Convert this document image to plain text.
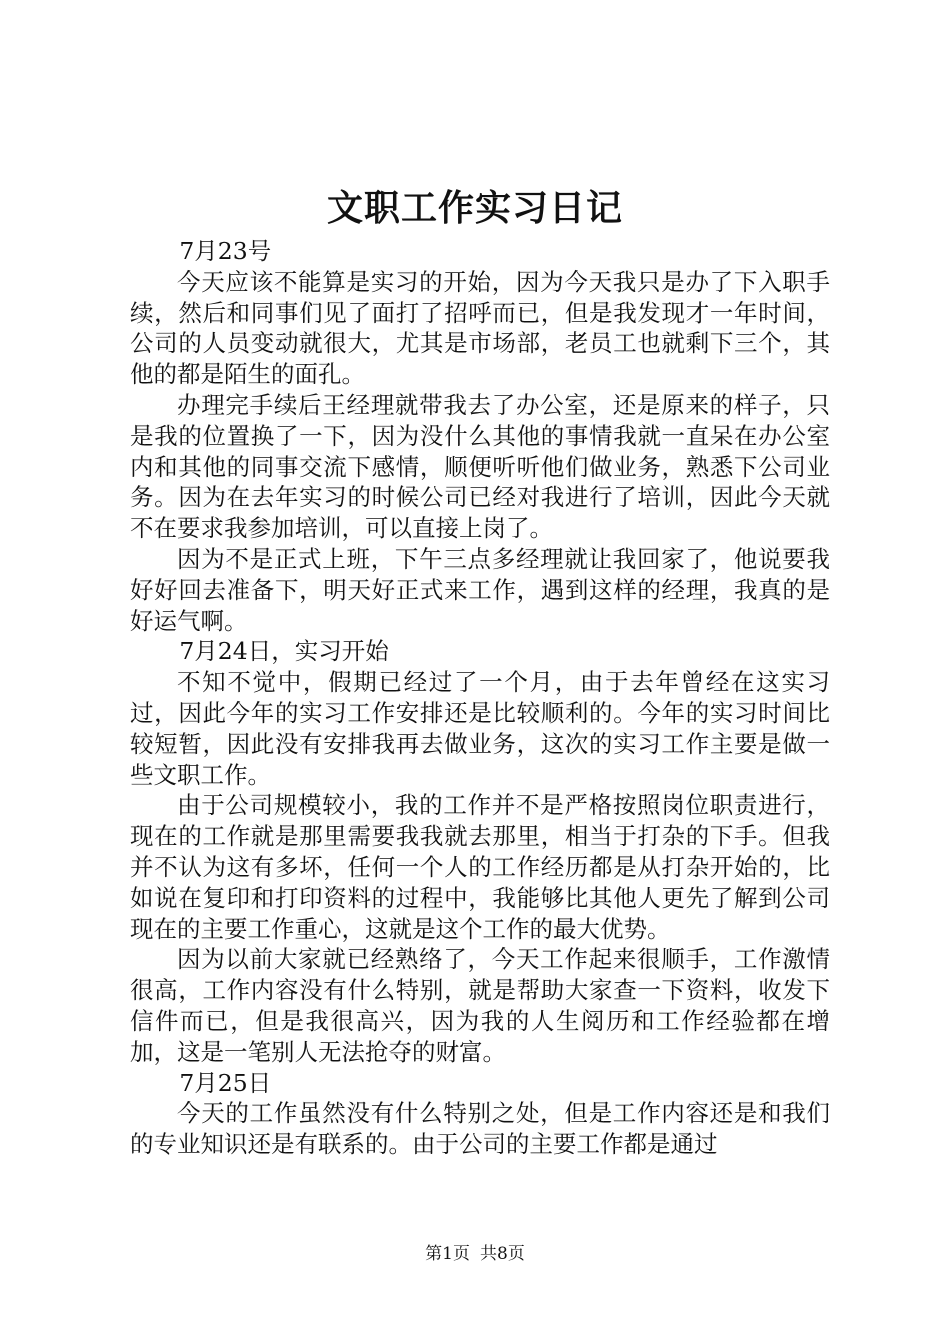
文职工作实习日记

7月23号

今天应该不能算是实习的开始，因为今天我只是办了下入职手续，然后和同事们见了面打了招呼而已，但是我发现才一年时间，公司的人员变动就很大，尤其是市场部，老员工也就剩下三个，其他的都是陌生的面孔。

办理完手续后王经理就带我去了办公室，还是原来的样子，只是我的位置换了一下，因为没什么其他的事情我就一直呆在办公室内和其他的同事交流下感情，顺便听听他们做业务，熟悉下公司业务。因为在去年实习的时候公司已经对我进行了培训，因此今天就不在要求我参加培训，可以直接上岗了。

因为不是正式上班，下午三点多经理就让我回家了，他说要我好好回去准备下，明天好正式来工作，遇到这样的经理，我真的是好运气啊。

7月24日，实习开始

不知不觉中，假期已经过了一个月，由于去年曾经在这实习过，因此今年的实习工作安排还是比较顺利的。今年的实习时间比较短暂，因此没有安排我再去做业务，这次的实习工作主要是做一些文职工作。

由于公司规模较小，我的工作并不是严格按照岗位职责进行，现在的工作就是那里需要我我就去那里，相当于打杂的下手。但我并不认为这有多坏，任何一个人的工作经历都是从打杂开始的，比如说在复印和打印资料的过程中，我能够比其他人更先了解到公司现在的主要工作重心，这就是这个工作的最大优势。

因为以前大家就已经熟络了，今天工作起来很顺手，工作激情很高，工作内容没有什么特别，就是帮助大家查一下资料，收发下信件而已，但是我很高兴，因为我的人生阅历和工作经验都在增加，这是一笔别人无法抢夺的财富。

7月25日

今天的工作虽然没有什么特别之处，但是工作内容还是和我们的专业知识还是有联系的。由于公司的主要工作都是通过

第1页 共8页
